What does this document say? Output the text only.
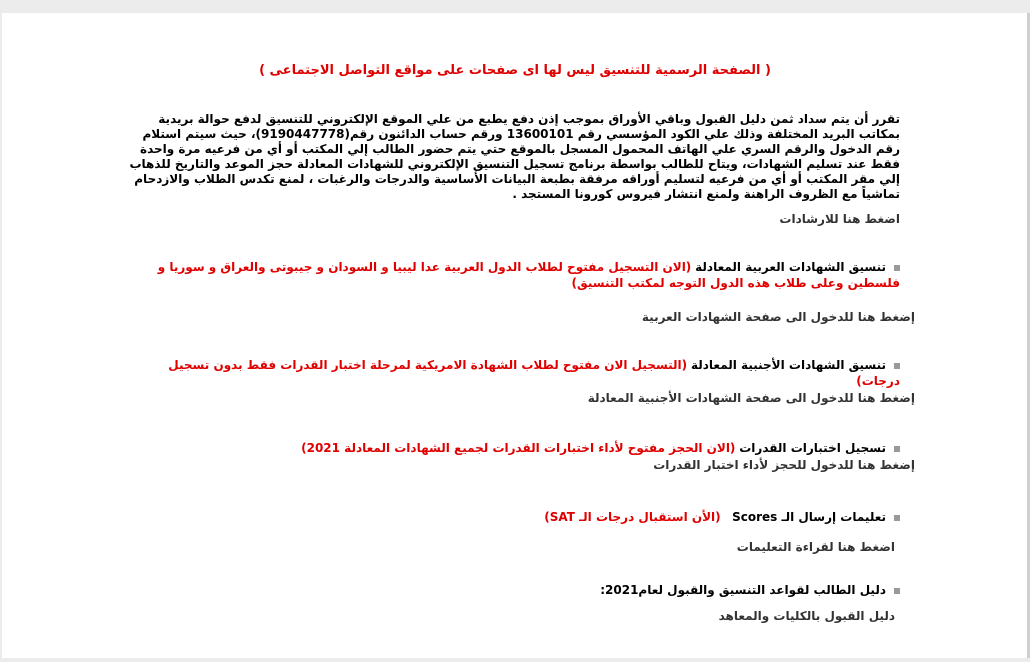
( الصفحة الرسمية للتنسيق ليس لها اى صفحات على مواقع التواصل الاجتماعى )
تقرر أن يتم سداد ثمن دليل القبول وباقي الأوراق بموجب إذن دفع يطبع من علي الموقع الإلكتروني للتنسيق لدفع حوالة بريدية بمكاتب البريد المختلفة وذلك علي الكود المؤسسي رقم 13600101 ورقم حساب الدائنون رقم(9190447778)، حيث سيتم استلام رقم الدخول والرقم السري علي الهاتف المحمول المسجل بالموقع حتي يتم حضور الطالب إلي المكتب أو أي من فرعيه مرة واحدة فقط عند تسليم الشهادات، ويتاح للطالب بواسطة برنامج تسجيل التنسيق الإلكتروني للشهادات المعادلة حجز الموعد والتاريخ للذهاب إلي مقر المكتب أو أي من فرعيه لتسليم أوراقه مرفقة بطبعة البيانات الأساسية والدرجات والرغبات ، لمنع تكدس الطلاب والازدحام تماشياً مع الظروف الراهنة ولمنع انتشار فيروس كورونا المستجد .
اضغط هنا للارشادات
تنسيق الشهادات العربية المعادلة (الان التسجيل مفتوح لطلاب الدول العربية عدا ليبيا و السودان و جيبوتى والعراق و سوريا و فلسطين وعلى طلاب هذه الدول التوجه لمكتب التنسيق)
إضغط هنا للدخول الى صفحة الشهادات العربية
تنسيق الشهادات الأجنبية المعادلة (التسجيل الان مفتوح لطلاب الشهادة الامريكية لمرحلة اختبار القدرات فقط بدون تسجيل درجات)
إضغط هنا للدخول الى صفحة الشهادات الأجنبية المعادلة
تسجيل اختبارات القدرات (الان الحجز مفتوح لأداء اختبارات القدرات لجميع الشهادات المعادلة 2021)
إضغط هنا للدخول للحجز لأداء اختبار القدرات
تعليمات إرسال الـ Scores   (الأن استقبال درجات الـ SAT)
اضغط هنا لقراءة التعليمات
دليل الطالب لقواعد التنسيق والقبول لعام2021:
دليل القبول بالكليات والمعاهد
